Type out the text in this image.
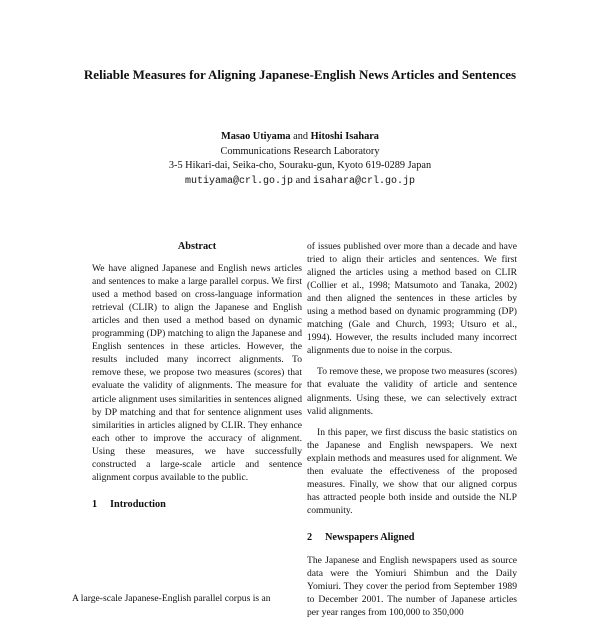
Reliable Measures for Aligning Japanese-English News Articles and Sentences
Masao Utiyama and Hitoshi Isahara
Communications Research Laboratory
3-5 Hikari-dai, Seika-cho, Souraku-gun, Kyoto 619-0289 Japan
mutiyama@crl.go.jp and isahara@crl.go.jp
Abstract

We have aligned Japanese and English news articles and sentences to make a large parallel corpus. We first used a method based on cross-language information retrieval (CLIR) to align the Japanese and English articles and then used a method based on dynamic programming (DP) matching to align the Japanese and English sentences in these articles. However, the results included many incorrect alignments. To remove these, we propose two measures (scores) that evaluate the validity of alignments. The measure for article alignment uses similarities in sentences aligned by DP matching and that for sentence alignment uses similarities in articles aligned by CLIR. They enhance each other to improve the accuracy of alignment. Using these measures, we have successfully constructed a large-scale article and sentence alignment corpus available to the public.

1 Introduction
A large-scale Japanese-English parallel corpus is an

of issues published over more than a decade and have tried to align their articles and sentences. We first aligned the articles using a method based on CLIR (Collier et al., 1998; Matsumoto and Tanaka, 2002) and then aligned the sentences in these articles by using a method based on dynamic programming (DP) matching (Gale and Church, 1993; Utsuro et al., 1994). However, the results included many incorrect alignments due to noise in the corpus.

To remove these, we propose two measures (scores) that evaluate the validity of article and sentence alignments. Using these, we can selectively extract valid alignments.

In this paper, we first discuss the basic statistics on the Japanese and English newspapers. We next explain methods and measures used for alignment. We then evaluate the effectiveness of the proposed measures. Finally, we show that our aligned corpus has attracted people both inside and outside the NLP community.

2 Newspapers Aligned

The Japanese and English newspapers used as source data were the Yomiuri Shimbun and the Daily Yomiuri. They cover the period from September 1989 to December 2001. The number of Japanese articles per year ranges from 100,000 to 350,000
